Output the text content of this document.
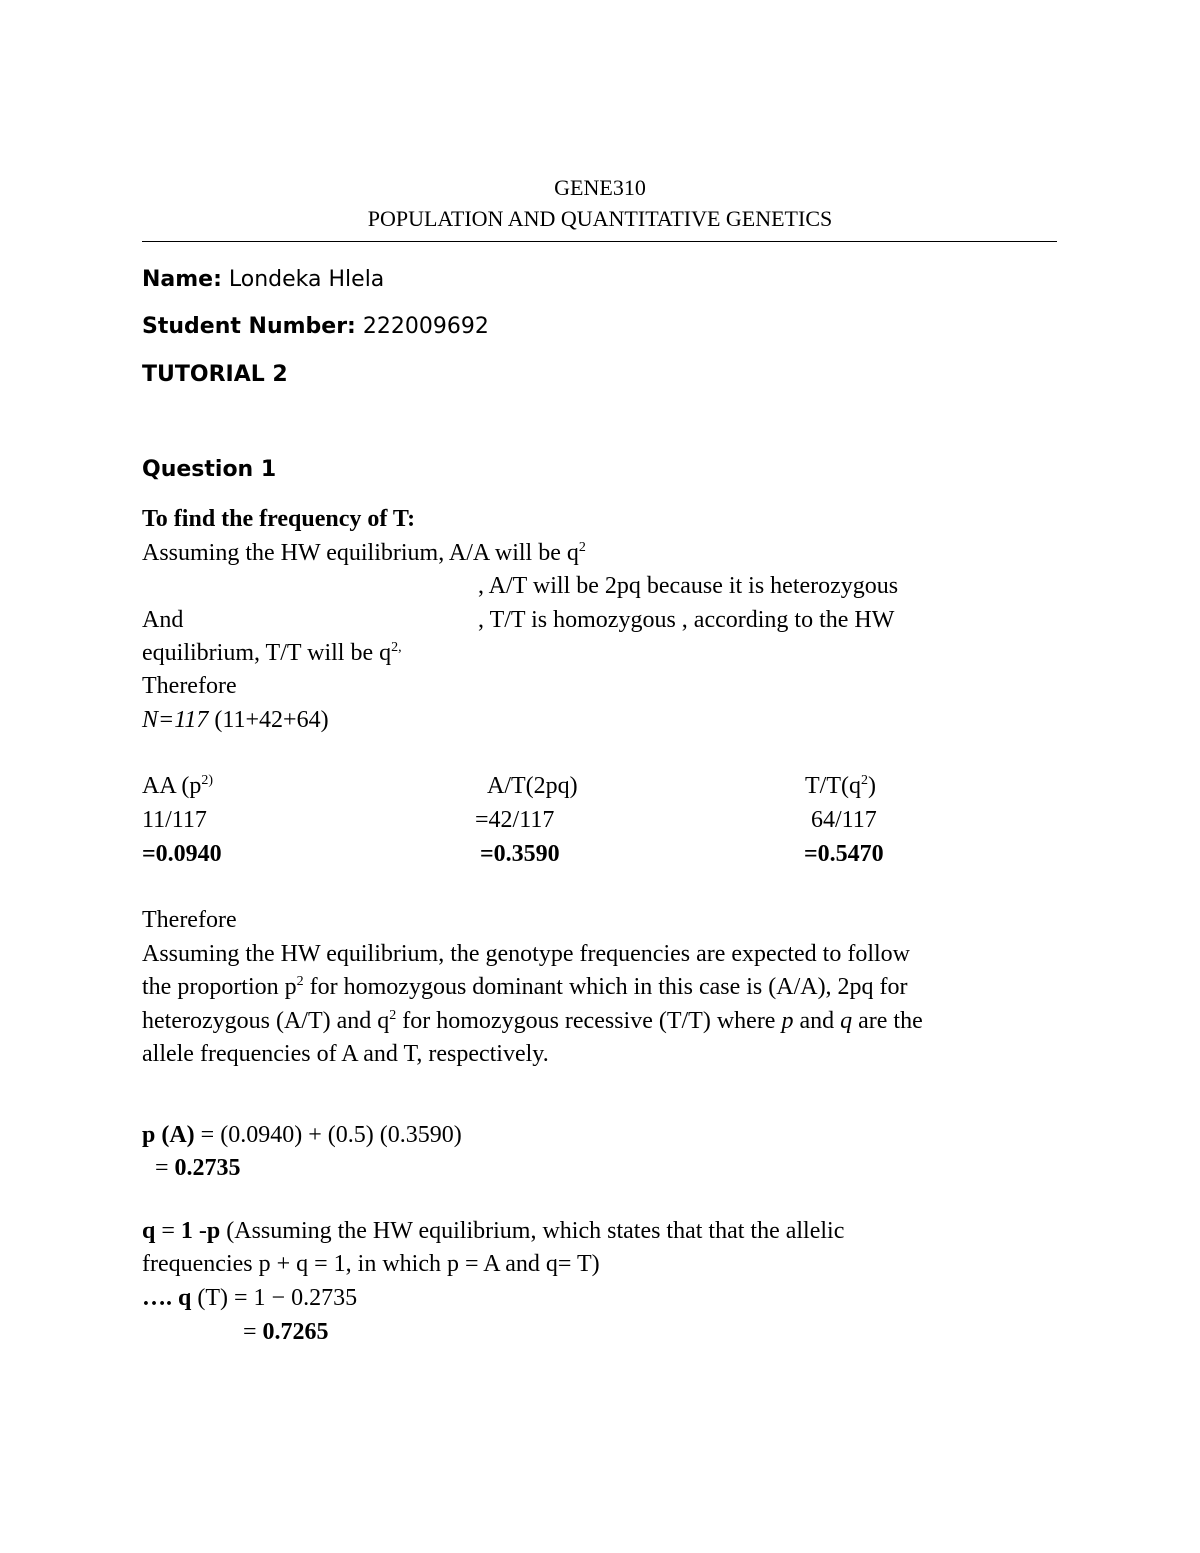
GENE310
POPULATION AND QUANTITATIVE GENETICS
Name: Londeka Hlela
Student Number: 222009692
TUTORIAL 2
Question 1
To find the frequency of T:
Assuming the HW equilibrium, A/A will be $q^2$
, A/T will be 2pq because it is heterozygous
And	, T/T is homozygous , according to the HW
equilibrium, T/T will be $q^{2,}$
Therefore
N=117 (11+42+64)
AA ($p^{2)}$	A/T(2pq)	$T/T(q^2)$
11/117	=42/117	64/117
=0.0940	=0.3590	=0.5470
Therefore
Assuming the HW equilibrium, the genotype frequencies are expected to follow
the proportion $p^2$ for homozygous dominant which in this case is (A/A), 2pq for
heterozygous (A/T) and $q^2$ for homozygous recessive (T/T) where p and q are the
allele frequencies of A and T, respectively.
p (A) = (0.0940) + (0.5) (0.3590)
= 0.2735
q = 1 -p (Assuming the HW equilibrium, which states that that the allelic
frequencies p + q = 1, in which p = A and q= T)
…. q (T) = 1 − 0.2735
= 0.7265
